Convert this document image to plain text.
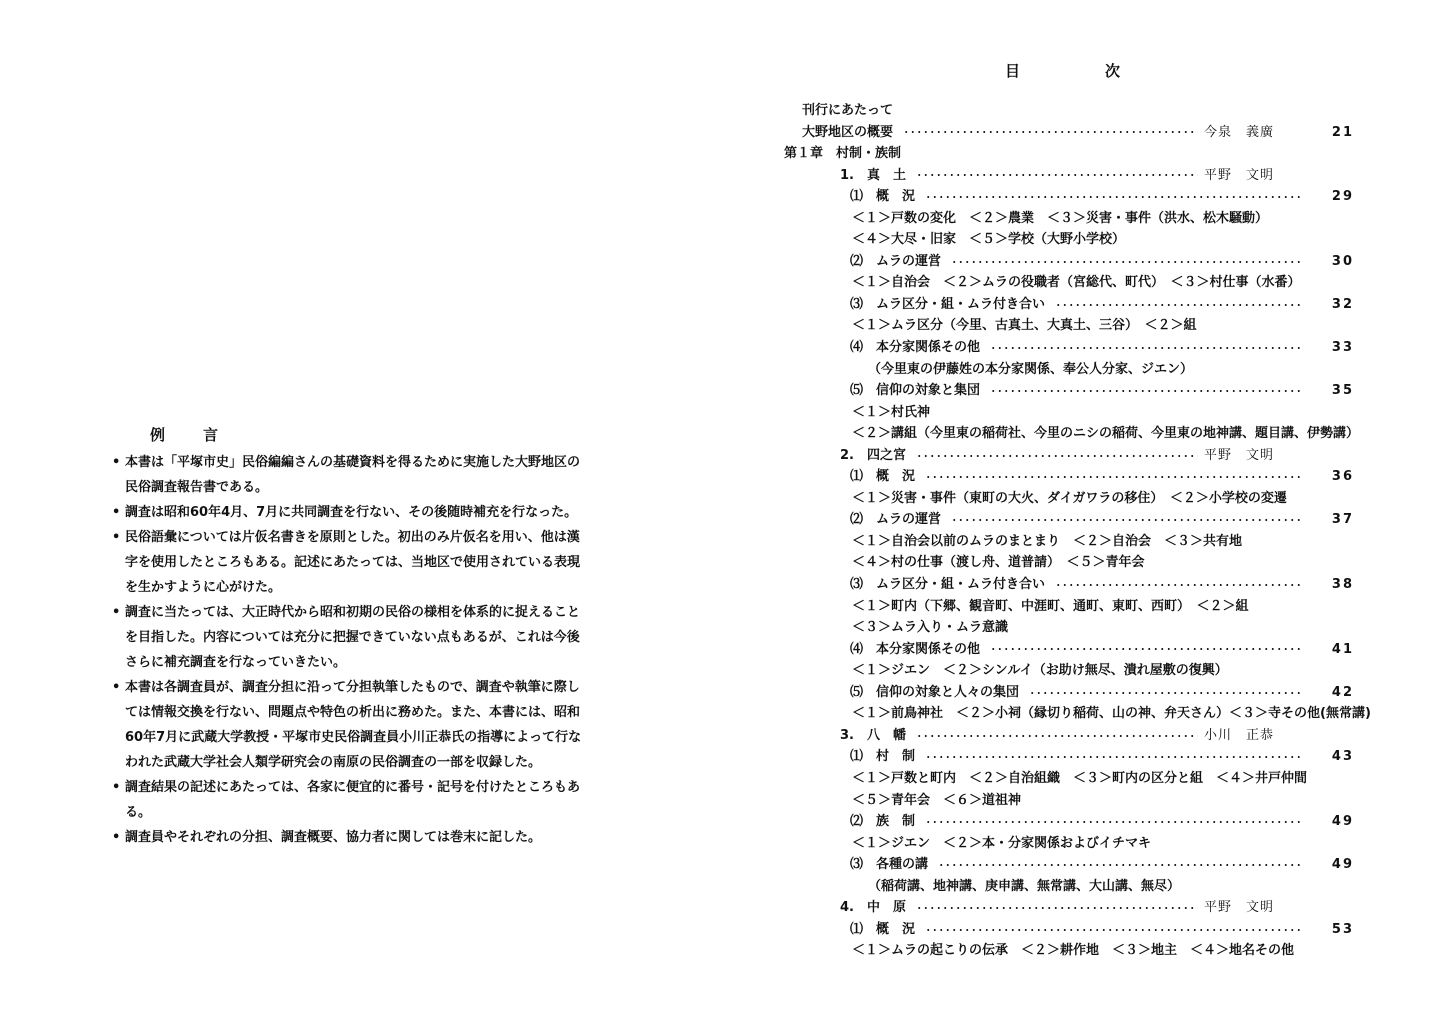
例言
• 本書は「平塚市史」民俗編編さんの基礎資料を得るために実施した大野地区の民俗調査報告書である。
• 調査は昭和60年4月、7月に共同調査を行ない、その後随時補充を行なった。
• 民俗語彙については片仮名書きを原則とした。初出のみ片仮名を用い、他は漢字を使用したところもある。記述にあたっては、当地区で使用されている表現を生かすように心がけた。
• 調査に当たっては、大正時代から昭和初期の民俗の様相を体系的に捉えることを目指した。内容については充分に把握できていない点もあるが、これは今後さらに補充調査を行なっていきたい。
• 本書は各調査員が、調査分担に沿って分担執筆したもので、調査や執筆に際しては情報交換を行ない、問題点や特色の析出に務めた。また、本書には、昭和60年7月に武蔵大学教授・平塚市史民俗調査員小川正恭氏の指導によって行なわれた武蔵大学社会人類学研究会の南原の民俗調査の一部を収録した。
• 調査結果の記述にあたっては、各家に便宜的に番号・記号を付けたところもある。
• 調査員やそれぞれの分担、調査概要、協力者に関しては巻末に記した。
目次
刊行にあたって
大野地区の概要	今泉　義廣	21
第１章　村制・族制
1.　真　土	平野　文明
⑴　概　況	29
＜１＞戸数の変化　＜２＞農業　＜３＞災害・事件（洪水、松木騒動）
＜４＞大尽・旧家　＜５＞学校（大野小学校）
⑵　ムラの運営	30
＜１＞自治会　＜２＞ムラの役職者（宮総代、町代）　＜３＞村仕事（水番）
⑶　ムラ区分・組・ムラ付き合い	32
＜１＞ムラ区分（今里、古真土、大真土、三谷）　＜２＞組
⑷　本分家関係その他	33
（今里東の伊藤姓の本分家関係、奉公人分家、ジエン）
⑸　信仰の対象と集団	35
＜１＞村氏神
＜２＞講組（今里東の稲荷社、今里のニシの稲荷、今里東の地神講、題目講、伊勢講）
2.　四之宮	平野　文明
⑴　概　況	36
＜１＞災害・事件（東町の大火、ダイガワラの移住）　＜２＞小学校の変遷
⑵　ムラの運営	37
＜１＞自治会以前のムラのまとまり　＜２＞自治会　＜３＞共有地
＜４＞村の仕事（渡し舟、道普請）　＜５＞青年会
⑶　ムラ区分・組・ムラ付き合い	38
＜１＞町内（下郷、観音町、中涯町、通町、東町、西町）　＜２＞組
＜３＞ムラ入り・ムラ意識
⑷　本分家関係その他	41
＜１＞ジエン　＜２＞シンルイ（お助け無尽、潰れ屋敷の復興）
⑸　信仰の対象と人々の集団	42
＜１＞前鳥神社　＜２＞小祠（縁切り稲荷、山の神、弁天さん）＜３＞寺その他(無常講)
3.　八　幡	小川　正恭
⑴　村　制	43
＜１＞戸数と町内　＜２＞自治組織　＜３＞町内の区分と組　＜４＞井戸仲間
＜５＞青年会　＜６＞道祖神
⑵　族　制	49
＜１＞ジエン　＜２＞本・分家関係およびイチマキ
⑶　各種の講	49
（稲荷講、地神講、庚申講、無常講、大山講、無尽）
4.　中　原	平野　文明
⑴　概　況	53
＜１＞ムラの起こりの伝承　＜２＞耕作地　＜３＞地主　＜４＞地名その他
